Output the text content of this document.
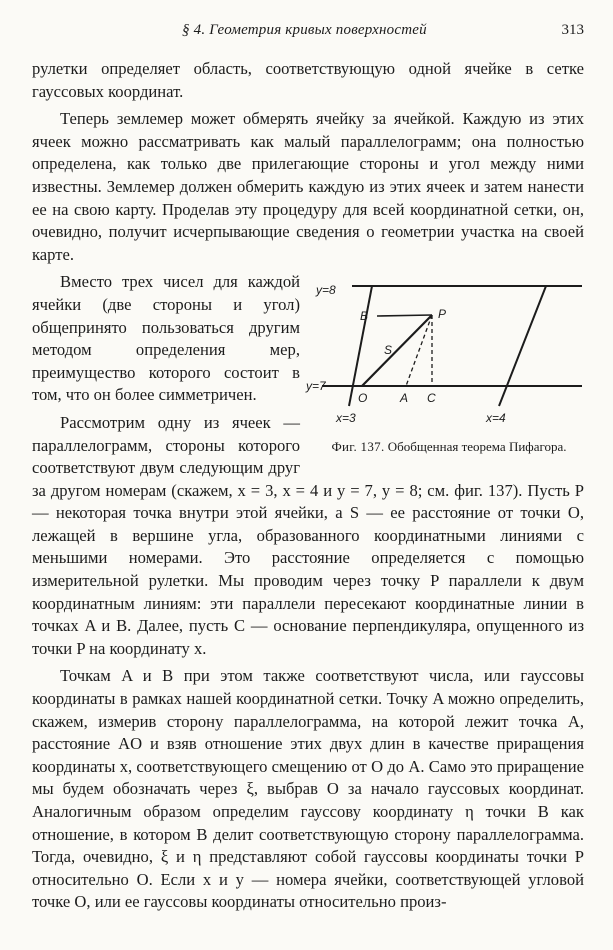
§ 4. Геометрия кривых поверхностей	313

рулетки определяет область, соответствующую одной ячейке в сетке гауссовых координат.

Теперь землемер может обмерять ячейку за ячейкой. Каждую из этих ячеек можно рассматривать как малый параллелограмм; она полностью определена, как только две прилегающие стороны и угол между ними известны. Землемер должен обмерить каждую из этих ячеек и затем нанести ее на свою карту. Проделав эту процедуру для всей координатной сетки, он, очевидно, получит исчерпывающие сведения о геометрии участка на своей карте.

y=8
y=7
x=3	x=4
O	A C
B	P
S
Фиг. 137. Обобщенная теорема Пифагора.

Вместо трех чисел для каждой ячейки (две стороны и угол) общепринято пользоваться другим методом определения мер, преимущество которого состоит в том, что он более симметричен.

Рассмотрим одну из ячеек — параллелограмм, стороны которого соответствуют двум следующим друг за другом номерам (скажем, x = 3, x = 4 и y = 7, y = 8; см. фиг. 137). Пусть P — некоторая точка внутри этой ячейки, а S — ее расстояние от точки O, лежащей в вершине угла, образованного координатными линиями с меньшими номерами. Это расстояние определяется с помощью измерительной рулетки. Мы проводим через точку P параллели к двум координатным линиям: эти параллели пересекают координатные линии в точках A и B. Далее, пусть C — основание перпендикуляра, опущенного из точки P на координату x.

Точкам A и B при этом также соответствуют числа, или гауссовы координаты в рамках нашей координатной сетки. Точку A можно определить, скажем, измерив сторону параллелограмма, на которой лежит точка A, расстояние AO и взяв отношение этих двух длин в качестве приращения координаты x, соответствующего смещению от O до A. Само это приращение мы будем обозначать через ξ, выбрав O за начало гауссовых координат. Аналогичным образом определим гауссову координату η точки B как отношение, в котором B делит соответствующую сторону параллелограмма. Тогда, очевидно, ξ и η представляют собой гауссовы координаты точки P относительно O. Если x и y — номера ячейки, соответствующей угловой точке O, или ее гауссовы координаты относительно произ-
